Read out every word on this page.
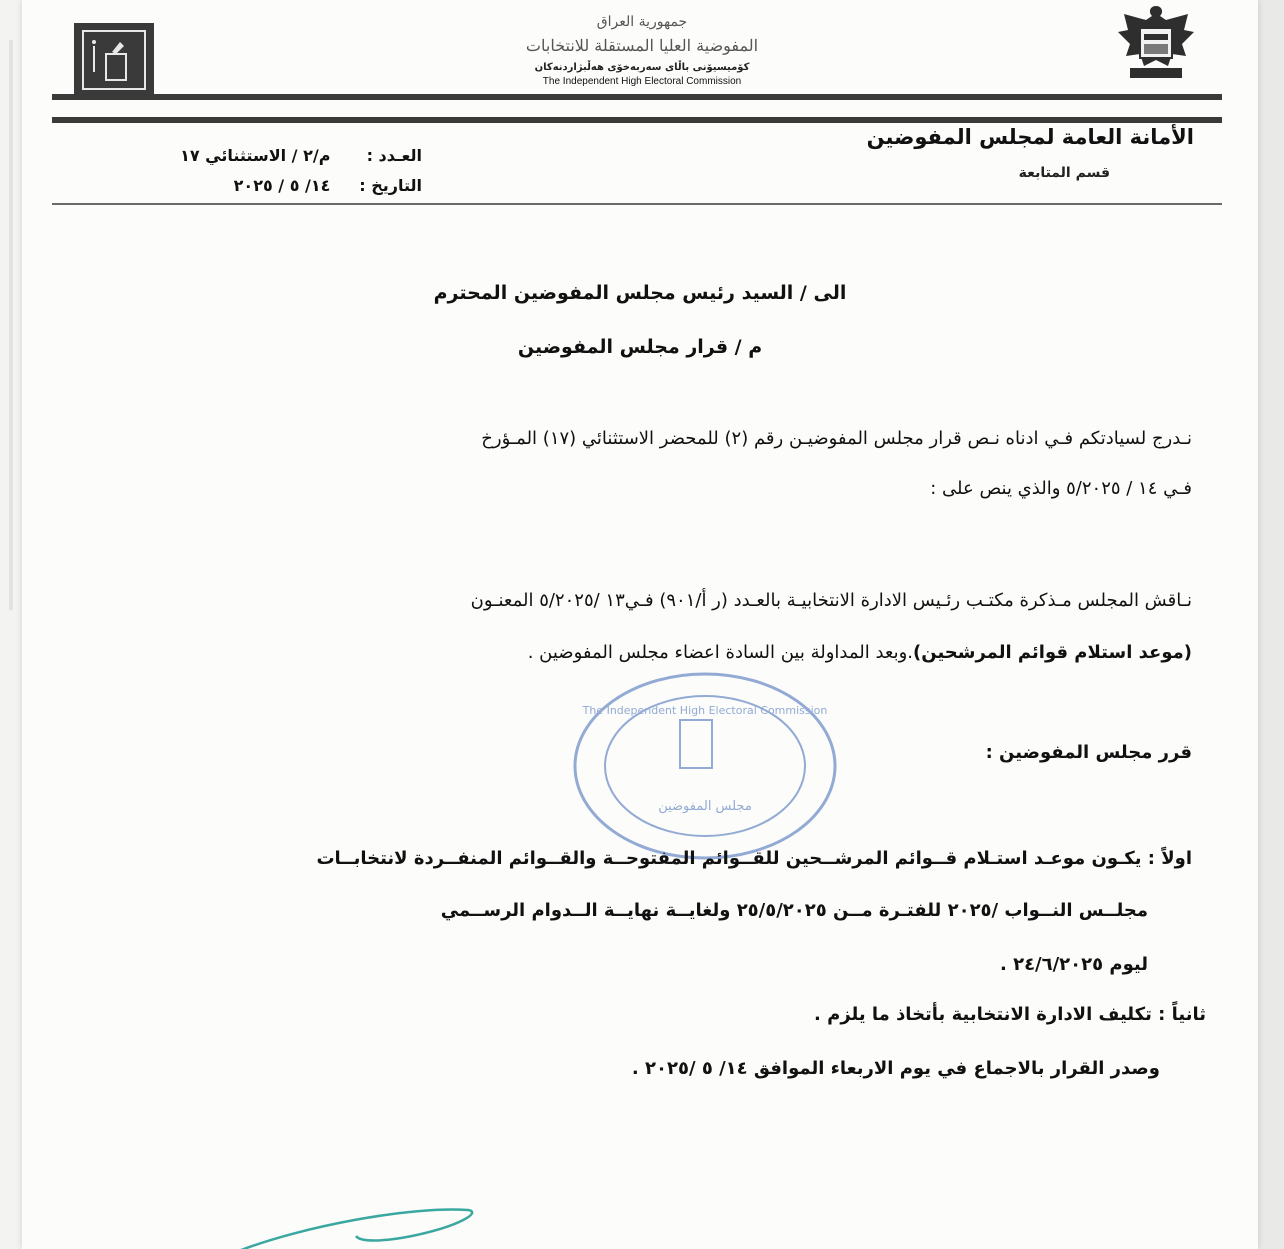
جمهورية العراق
المفوضية العليا المستقلة للانتخابات
کۆمیسیۆنی باڵای سەربەخۆی هەڵبژاردنەکان
The Independent High Electoral Commission
الأمانة العامة لمجلس المفوضين
قسم المتابعة
العـدد : م/٢ / الاستثنائي ١٧
التاريخ : ١٤/ ٥ / ٢٠٢٥
الى / السيد رئيس مجلس المفوضين المحترم
م / قرار مجلس المفوضين
نـدرج لسيادتكم فـي ادناه نـص قرار مجلس المفوضيـن رقم (٢) للمحضر الاستثنائي (١٧) المـؤرخ
فـي ١٤ / ٥/٢٠٢٥ والذي ينص على :
نـاقش المجلس مـذكرة مكتـب رئـيس الادارة الانتخابيـة بالعـدد (ر أ/٩٠١) فـي١٣ /٥/٢٠٢٥ المعنـون
(موعد استلام قوائم المرشحين).وبعد المداولة بين السادة اعضاء مجلس المفوضين .
The Independent High Electoral Commission
مجلس المفوضين
قرر مجلس المفوضين :
اولاً : يكـون موعـد استـلام قــوائم المرشــحين للقــوائم المفتوحــة والقــوائم المنفــردة لانتخابــات
مجلــس النــواب /٢٠٢٥ للفتـرة مــن ٢٥/٥/٢٠٢٥ ولغايــة نهايــة الــدوام الرســمي
ليوم ٢٤/٦/٢٠٢٥ .
ثانياً : تكليف الادارة الانتخابية بأتخاذ ما يلزم .
وصدر القرار بالاجماع في يوم الاربعاء الموافق ١٤/ ٥ /٢٠٢٥ .
